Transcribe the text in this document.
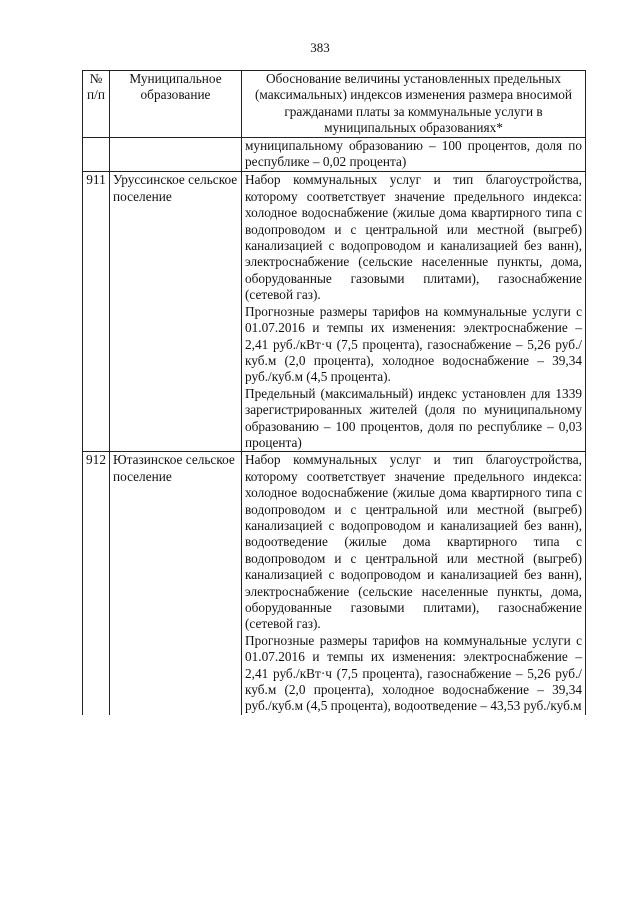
383
№ п/п	Муниципальное образование	Обоснование величины установленных предельных (максимальных) индексов изменения размера вносимой гражданами платы за коммунальные услуги в муниципальных образованиях*

		муниципальному образованию – 100 процентов, доля по республике – 0,02 процента)

911	Уруссинское сельское поселение	Набор коммунальных услуг и тип благоустройства, которому соответствует значение предельного индекса: холодное водоснабжение (жилые дома квартирного типа с водопроводом и с центральной или местной (выгреб) канализацией с водопроводом и канализацией без ванн), электроснабжение (сельские населенные пункты, дома, оборудованные газовыми плитами), газоснабжение (сетевой газ).

Прогнозные размеры тарифов на коммунальные услуги с 01.07.2016 и темпы их изменения: электроснабжение – 2,41 руб./кВт·ч (7,5 процента), газоснабжение – 5,26 руб./куб.м (2,0 процента), холодное водоснабжение – 39,34 руб./куб.м (4,5 процента).

Предельный (максимальный) индекс установлен для 1339 зарегистрированных жителей (доля по муниципальному образованию – 100 процентов, доля по республике – 0,03 процента)

912	Ютазинское сельское поселение	Набор коммунальных услуг и тип благоустройства, которому соответствует значение предельного индекса: холодное водоснабжение (жилые дома квартирного типа с водопроводом и с центральной или местной (выгреб) канализацией с водопроводом и канализацией без ванн), водоотведение (жилые дома квартирного типа с водопроводом и с центральной или местной (выгреб) канализацией с водопроводом и канализацией без ванн), электроснабжение (сельские населенные пункты, дома, оборудованные газовыми плитами), газоснабжение (сетевой газ).

Прогнозные размеры тарифов на коммунальные услуги с 01.07.2016 и темпы их изменения: электроснабжение – 2,41 руб./кВт·ч (7,5 процента), газоснабжение – 5,26 руб./куб.м (2,0 процента), холодное водоснабжение – 39,34 руб./куб.м (4,5 процента), водоотведение – 43,53 руб./куб.м
